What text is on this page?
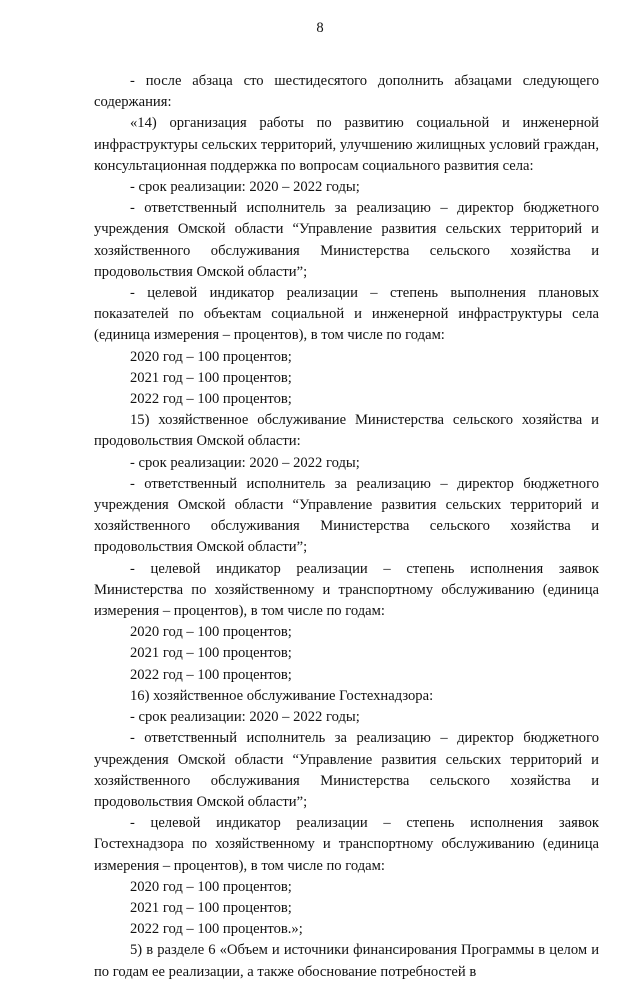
8

- после абзаца сто шестидесятого дополнить абзацами следующего содержания:

«14) организация работы по развитию социальной и инженерной инфраструктуры сельских территорий, улучшению жилищных условий граждан, консультационная поддержка по вопросам социального развития села:

- срок реализации: 2020 – 2022 годы;

- ответственный исполнитель за реализацию – директор бюджетного учреждения Омской области “Управление развития сельских территорий и хозяйственного обслуживания Министерства сельского хозяйства и продовольствия Омской области”;

- целевой индикатор реализации – степень выполнения плановых показателей по объектам социальной и инженерной инфраструктуры села (единица измерения – процентов), в том числе по годам:

2020 год – 100 процентов;

2021 год – 100 процентов;

2022 год – 100 процентов;

15) хозяйственное обслуживание Министерства сельского хозяйства и продовольствия Омской области:

- срок реализации: 2020 – 2022 годы;

- ответственный исполнитель за реализацию – директор бюджетного учреждения Омской области “Управление развития сельских территорий и хозяйственного обслуживания Министерства сельского хозяйства и продовольствия Омской области”;

- целевой индикатор реализации – степень исполнения заявок Министерства по хозяйственному и транспортному обслуживанию (единица измерения – процентов), в том числе по годам:

2020 год – 100 процентов;

2021 год – 100 процентов;

2022 год – 100 процентов;

16) хозяйственное обслуживание Гостехнадзора:

- срок реализации: 2020 – 2022 годы;

- ответственный исполнитель за реализацию – директор бюджетного учреждения Омской области “Управление развития сельских территорий и хозяйственного обслуживания Министерства сельского хозяйства и продовольствия Омской области”;

- целевой индикатор реализации – степень исполнения заявок Гостехнадзора по хозяйственному и транспортному обслуживанию (единица измерения – процентов), в том числе по годам:

2020 год – 100 процентов;

2021 год – 100 процентов;

2022 год – 100 процентов.»;

5) в разделе 6 «Объем и источники финансирования Программы в целом и по годам ее реализации, а также обоснование потребностей в
